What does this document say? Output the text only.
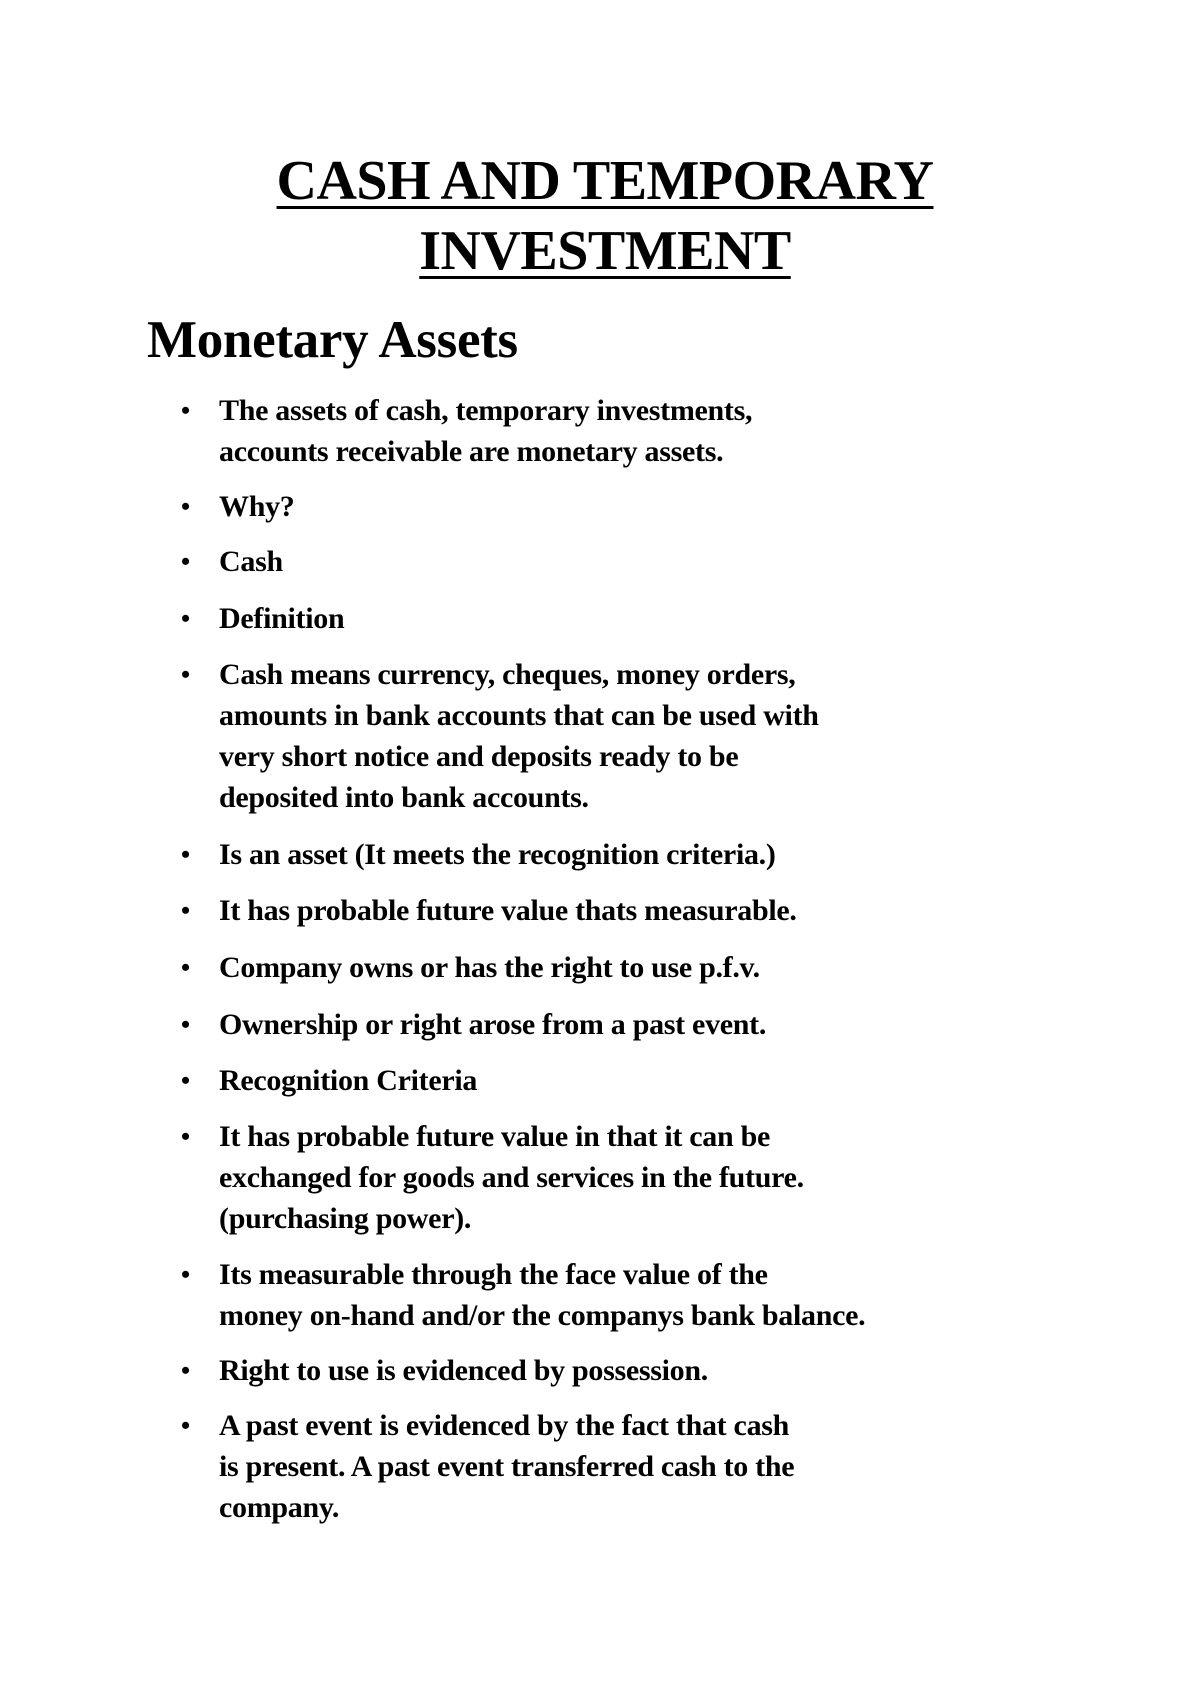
CASH AND TEMPORARY
INVESTMENT
Monetary Assets
• The assets of cash, temporary investments,
accounts receivable are monetary assets.
• Why?
• Cash
• Definition
• Cash means currency, cheques, money orders,
amounts in bank accounts that can be used with
very short notice and deposits ready to be
deposited into bank accounts.
• Is an asset (It meets the recognition criteria.)
• It has probable future value thats measurable.
• Company owns or has the right to use p.f.v.
• Ownership or right arose from a past event.
• Recognition Criteria
• It has probable future value in that it can be
exchanged for goods and services in the future.
(purchasing power).
• Its measurable through the face value of the
money on-hand and/or the companys bank balance.
• Right to use is evidenced by possession.
• A past event is evidenced by the fact that cash
is present. A past event transferred cash to the
company.
